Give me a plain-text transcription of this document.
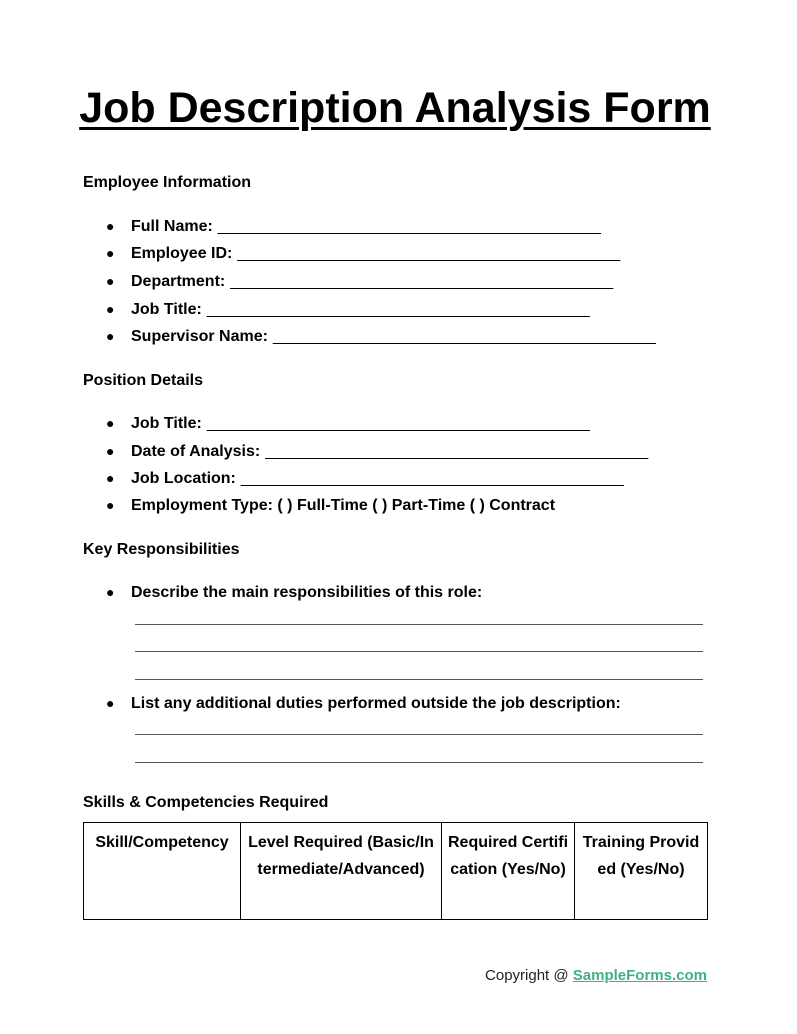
Job Description Analysis Form
Employee Information
●	Full Name: ____________________________________________
●	Employee ID: ____________________________________________
●	Department: ____________________________________________
●	Job Title: ____________________________________________
●	Supervisor Name: ____________________________________________
Position Details
●	Job Title: ____________________________________________
●	Date of Analysis: ____________________________________________
●	Job Location: ____________________________________________
●	Employment Type: ( ) Full-Time ( ) Part-Time ( ) Contract
Key Responsibilities
●	Describe the main responsibilities of this role:
●	List any additional duties performed outside the job description:
Skills & Competencies Required
Skill/Competency	Level Required (Basic/Intermediate/Advanced)	Required Certification (Yes/No)	Training Provided (Yes/No)
Copyright @ SampleForms.com
